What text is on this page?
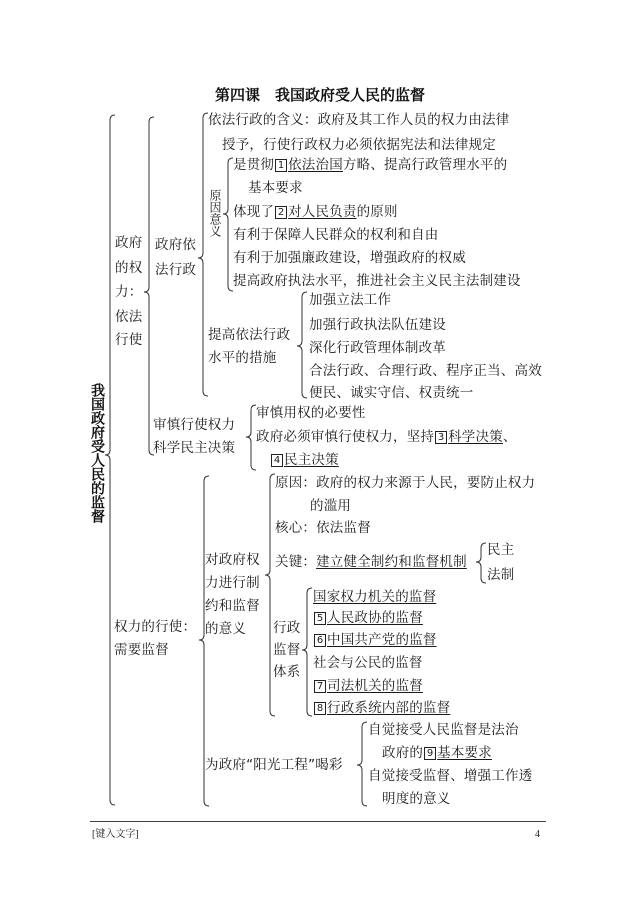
第四课　我国政府受人民的监督
我国政府受人民的监督
政府
的权
力：
依法
行使
政府依
法行政
依法行政的含义：政府及其工作人员的权力由法律
授予，行使行政权力必须依据宪法和法律规定
原因意义
是贯彻 1 依法治国方略、提高行政管理水平的
基本要求
体现了 2 对人民负责的原则
有利于保障人民群众的权利和自由
有利于加强廉政建设，增强政府的权威
提高政府执法水平，推进社会主义民主法制建设
提高依法行政
水平的措施
加强立法工作
加强行政执法队伍建设
深化行政管理体制改革
合法行政、合理行政、程序正当、高效
便民、诚实守信、权责统一
审慎行使权力
科学民主决策
审慎用权的必要性
政府必须审慎行使权力，坚持 3 科学决策、
4 民主决策
权力的行使：
需要监督
对政府权
力进行制
约和监督
的意义
原因：政府的权力来源于人民，要防止权力
的滥用
核心：依法监督
关键：建立健全制约和监督机制
民主
法制
行政
监督
体系
国家权力机关的监督
5 人民政协的监督
6 中国共产党的监督
社会与公民的监督
7 司法机关的监督
8 行政系统内部的监督
为政府“阳光工程”喝彩
自觉接受人民监督是法治
政府的 9 基本要求
自觉接受监督、增强工作透
明度的意义
[键入文字]	4
